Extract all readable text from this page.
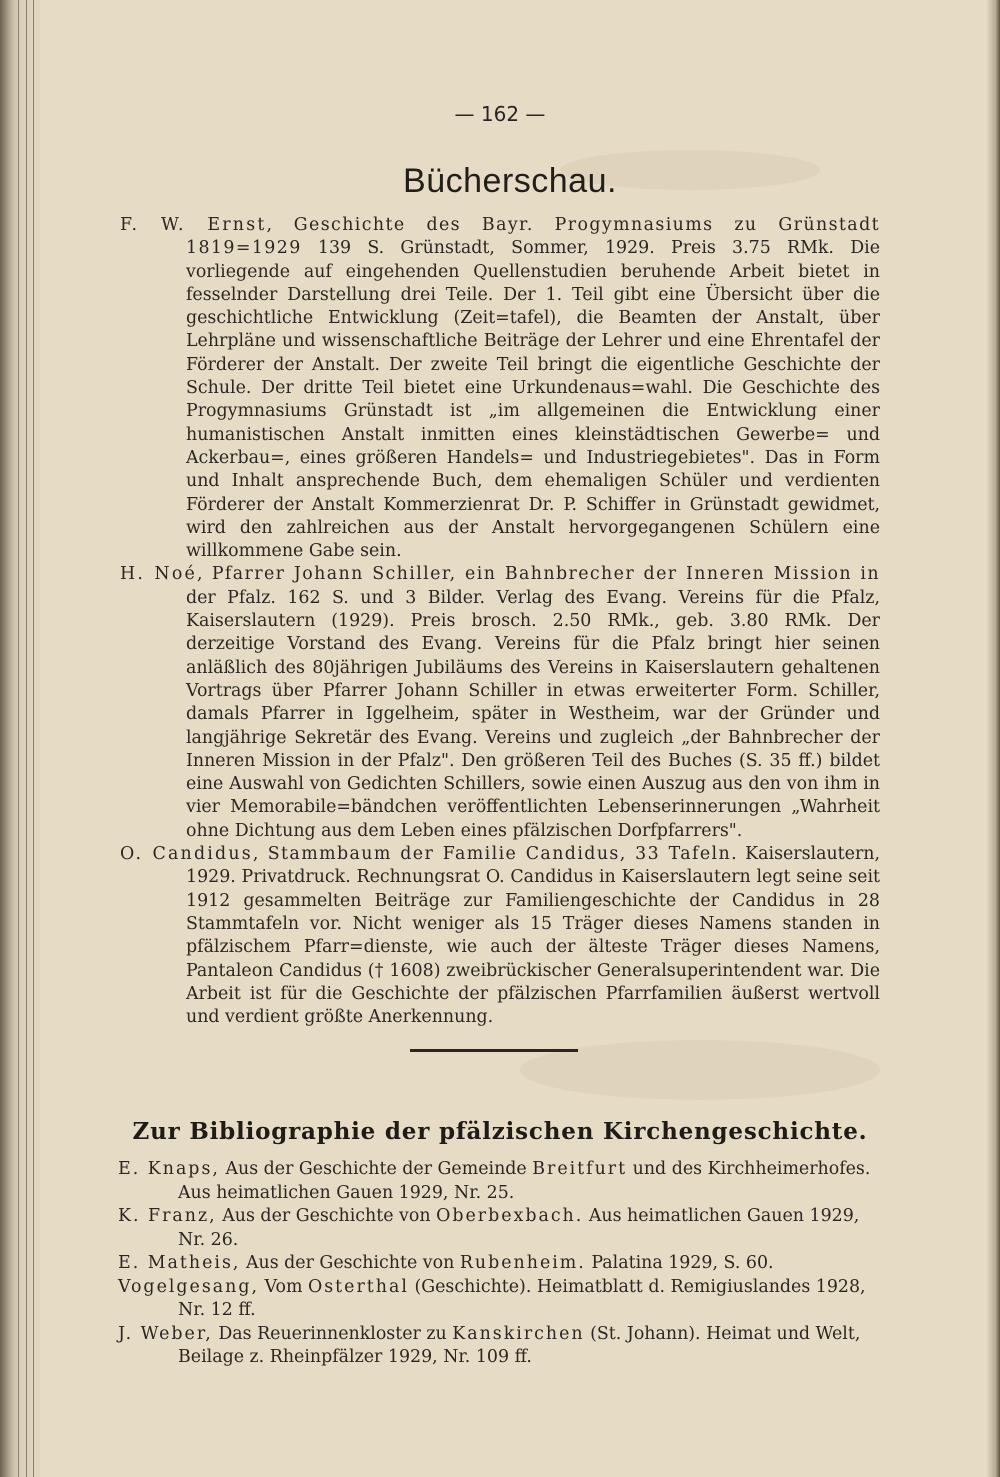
— 162 —
Bücherschau.

F. W. Ernst, Geschichte des Bayr. Progymnasiums zu Grünstadt 1819=1929 139 S. Grünstadt, Sommer, 1929. Preis 3.75 RMk. Die vorliegende auf eingehenden Quellenstudien beruhende Arbeit bietet in fesselnder Darstellung drei Teile. Der 1. Teil gibt eine Übersicht über die geschichtliche Entwicklung (Zeit=tafel), die Beamten der Anstalt, über Lehrpläne und wissenschaftliche Beiträge der Lehrer und eine Ehrentafel der Förderer der Anstalt. Der zweite Teil bringt die eigentliche Geschichte der Schule. Der dritte Teil bietet eine Urkundenaus=wahl. Die Geschichte des Progymnasiums Grünstadt ist „im allgemeinen die Entwicklung einer humanistischen Anstalt inmitten eines kleinstädtischen Gewerbe= und Ackerbau=, eines größeren Handels= und Industriegebietes". Das in Form und Inhalt ansprechende Buch, dem ehemaligen Schüler und verdienten Förderer der Anstalt Kommerzienrat Dr. P. Schiffer in Grünstadt gewidmet, wird den zahlreichen aus der Anstalt hervorgegangenen Schülern eine willkommene Gabe sein.

H. Noé, Pfarrer Johann Schiller, ein Bahnbrecher der Inneren Mission in der Pfalz. 162 S. und 3 Bilder. Verlag des Evang. Vereins für die Pfalz, Kaiserslautern (1929). Preis brosch. 2.50 RMk., geb. 3.80 RMk. Der derzeitige Vorstand des Evang. Vereins für die Pfalz bringt hier seinen anläßlich des 80jährigen Jubiläums des Vereins in Kaiserslautern gehaltenen Vortrags über Pfarrer Johann Schiller in etwas erweiterter Form. Schiller, damals Pfarrer in Iggelheim, später in Westheim, war der Gründer und langjährige Sekretär des Evang. Vereins und zugleich „der Bahnbrecher der Inneren Mission in der Pfalz". Den größeren Teil des Buches (S. 35 ff.) bildet eine Auswahl von Gedichten Schillers, sowie einen Auszug aus den von ihm in vier Memorabile=bändchen veröffentlichten Lebenserinnerungen „Wahrheit ohne Dichtung aus dem Leben eines pfälzischen Dorfpfarrers".

O. Candidus, Stammbaum der Familie Candidus, 33 Tafeln. Kaiserslautern, 1929. Privatdruck. Rechnungsrat O. Candidus in Kaiserslautern legt seine seit 1912 gesammelten Beiträge zur Familiengeschichte der Candidus in 28 Stammtafeln vor. Nicht weniger als 15 Träger dieses Namens standen in pfälzischem Pfarr=dienste, wie auch der älteste Träger dieses Namens, Pantaleon Candidus († 1608) zweibrückischer Generalsuperintendent war. Die Arbeit ist für die Geschichte der pfälzischen Pfarrfamilien äußerst wertvoll und verdient größte Anerkennung.

Zur Bibliographie der pfälzischen Kirchengeschichte.

E. Knaps, Aus der Geschichte der Gemeinde Breitfurt und des Kirchheimerhofes. Aus heimatlichen Gauen 1929, Nr. 25.

K. Franz, Aus der Geschichte von Oberbexbach. Aus heimatlichen Gauen 1929, Nr. 26.

E. Matheis, Aus der Geschichte von Rubenheim. Palatina 1929, S. 60.

Vogelgesang, Vom Osterthal (Geschichte). Heimatblatt d. Remigiuslandes 1928, Nr. 12 ff.

J. Weber, Das Reuerinnenkloster zu Kanskirchen (St. Johann). Heimat und Welt, Beilage z. Rheinpfälzer 1929, Nr. 109 ff.
